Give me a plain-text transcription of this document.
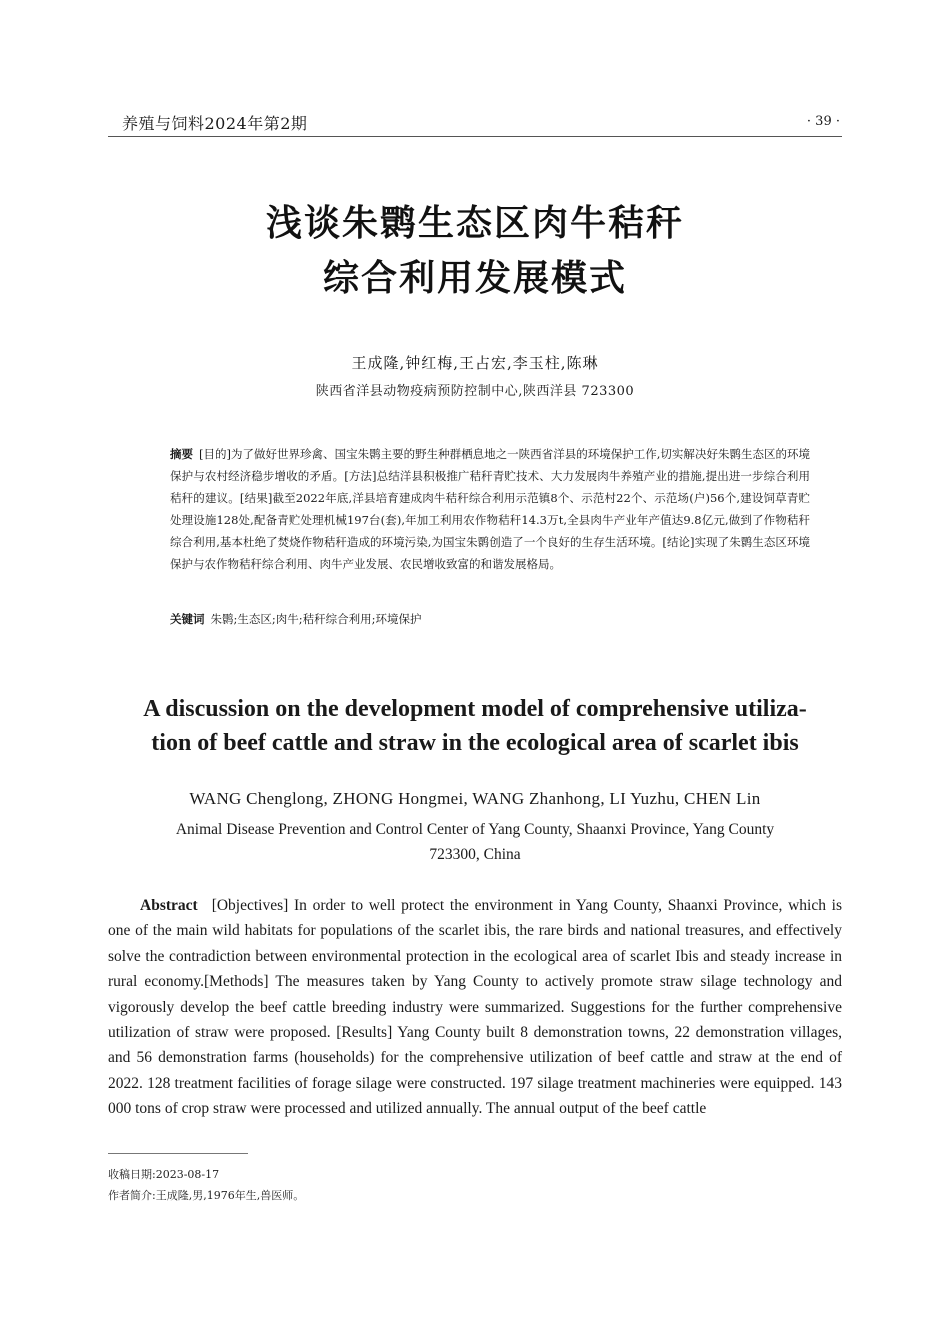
养殖与饲料2024年第2期	· 39 ·
浅谈朱鹮生态区肉牛秸秆
综合利用发展模式
王成隆,钟红梅,王占宏,李玉柱,陈琳
陕西省洋县动物疫病预防控制中心,陕西洋县 723300
摘要 [目的]为了做好世界珍禽、国宝朱鹮主要的野生种群栖息地之一陕西省洋县的环境保护工作,切实解决好朱鹮生态区的环境保护与农村经济稳步增收的矛盾。[方法]总结洋县积极推广秸秆青贮技术、大力发展肉牛养殖产业的措施,提出进一步综合利用秸秆的建议。[结果]截至2022年底,洋县培育建成肉牛秸秆综合利用示范镇8个、示范村22个、示范场(户)56个,建设饲草青贮处理设施128处,配备青贮处理机械197台(套),年加工利用农作物秸秆14.3万t,全县肉牛产业年产值达9.8亿元,做到了作物秸秆综合利用,基本杜绝了焚烧作物秸秆造成的环境污染,为国宝朱鹮创造了一个良好的生存生活环境。[结论]实现了朱鹮生态区环境保护与农作物秸秆综合利用、肉牛产业发展、农民增收致富的和谐发展格局。
关键词 朱鹮;生态区;肉牛;秸秆综合利用;环境保护
A discussion on the development model of comprehensive utiliza-
tion of beef cattle and straw in the ecological area of scarlet ibis
WANG Chenglong, ZHONG Hongmei, WANG Zhanhong, LI Yuzhu, CHEN Lin
Animal Disease Prevention and Control Center of Yang County, Shaanxi Province, Yang County
723300, China
Abstract [Objectives] In order to well protect the environment in Yang County, Shaanxi Province, which is one of the main wild habitats for populations of the scarlet ibis, the rare birds and national treasures, and effectively solve the contradiction between environmental protection in the ecological area of scarlet Ibis and steady increase in rural economy.[Methods] The measures taken by Yang County to actively promote straw silage technology and vigorously develop the beef cattle breeding industry were summarized. Suggestions for the further comprehensive utilization of straw were proposed. [Results] Yang County built 8 demonstration towns, 22 demonstration villages, and 56 demonstration farms (households) for the comprehensive utilization of beef cattle and straw at the end of 2022. 128 treatment facilities of forage silage were constructed. 197 silage treatment machineries were equipped. 143 000 tons of crop straw were processed and utilized annually. The annual output of the beef cattle
收稿日期:2023-08-17
作者简介:王成隆,男,1976年生,兽医师。
